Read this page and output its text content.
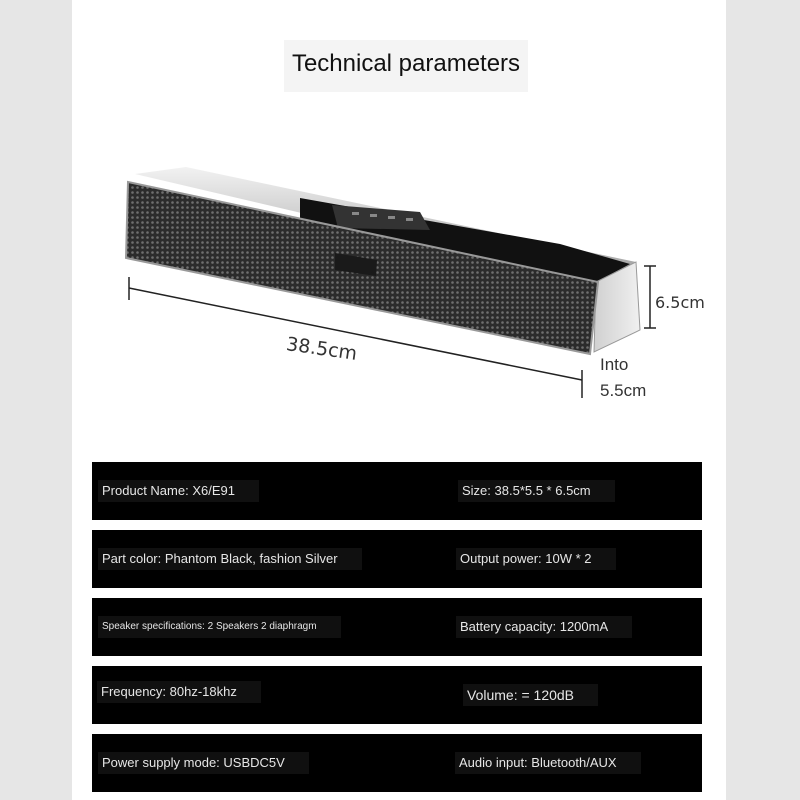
Technical parameters
38.5cm
6.5cm
Into
5.5cm
Product Name: X6/E91	Size: 38.5*5.5 * 6.5cm
Part color: Phantom Black, fashion Silver	Output power: 10W * 2
Speaker specifications: 2 Speakers 2 diaphragm	Battery capacity: 1200mA
Frequency: 80hz-18khz	Volume: = 120dB
Power supply mode: USBDC5V	Audio input: Bluetooth/AUX
